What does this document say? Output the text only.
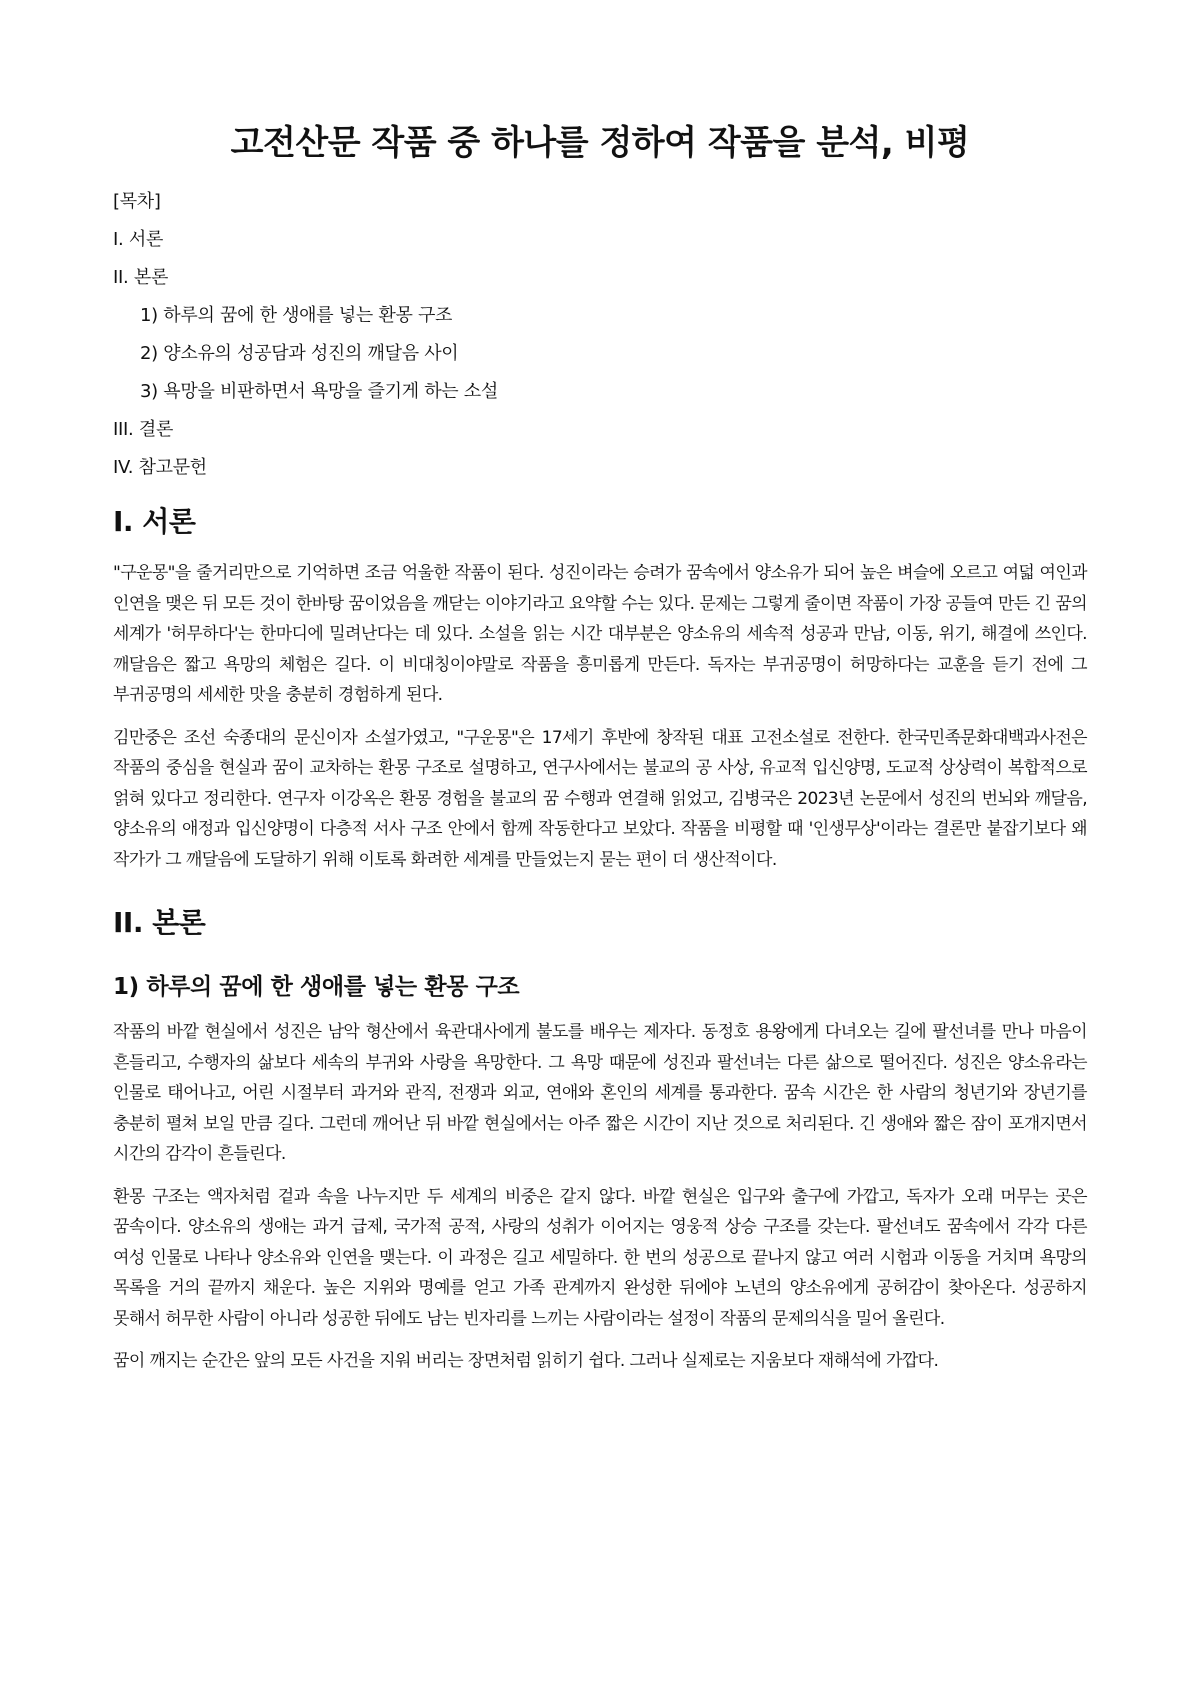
고전산문 작품 중 하나를 정하여 작품을 분석, 비평

[목차]

I. 서론

II. 본론

1) 하루의 꿈에 한 생애를 넣는 환몽 구조

2) 양소유의 성공담과 성진의 깨달음 사이

3) 욕망을 비판하면서 욕망을 즐기게 하는 소설

III. 결론

IV. 참고문헌

I. 서론

"구운몽"을 줄거리만으로 기억하면 조금 억울한 작품이 된다. 성진이라는 승려가 꿈속에서 양소유가 되어 높은 벼슬에 오르고 여덟 여인과 인연을 맺은 뒤 모든 것이 한바탕 꿈이었음을 깨닫는 이야기라고 요약할 수는 있다. 문제는 그렇게 줄이면 작품이 가장 공들여 만든 긴 꿈의 세계가 '허무하다'는 한마디에 밀려난다는 데 있다. 소설을 읽는 시간 대부분은 양소유의 세속적 성공과 만남, 이동, 위기, 해결에 쓰인다. 깨달음은 짧고 욕망의 체험은 길다. 이 비대칭이야말로 작품을 흥미롭게 만든다. 독자는 부귀공명이 허망하다는 교훈을 듣기 전에 그 부귀공명의 세세한 맛을 충분히 경험하게 된다.

김만중은 조선 숙종대의 문신이자 소설가였고, "구운몽"은 17세기 후반에 창작된 대표 고전소설로 전한다. 한국민족문화대백과사전은 작품의 중심을 현실과 꿈이 교차하는 환몽 구조로 설명하고, 연구사에서는 불교의 공 사상, 유교적 입신양명, 도교적 상상력이 복합적으로 얽혀 있다고 정리한다. 연구자 이강옥은 환몽 경험을 불교의 꿈 수행과 연결해 읽었고, 김병국은 2023년 논문에서 성진의 번뇌와 깨달음, 양소유의 애정과 입신양명이 다층적 서사 구조 안에서 함께 작동한다고 보았다. 작품을 비평할 때 '인생무상'이라는 결론만 붙잡기보다 왜 작가가 그 깨달음에 도달하기 위해 이토록 화려한 세계를 만들었는지 묻는 편이 더 생산적이다.

II. 본론
1) 하루의 꿈에 한 생애를 넣는 환몽 구조

작품의 바깥 현실에서 성진은 남악 형산에서 육관대사에게 불도를 배우는 제자다. 동정호 용왕에게 다녀오는 길에 팔선녀를 만나 마음이 흔들리고, 수행자의 삶보다 세속의 부귀와 사랑을 욕망한다. 그 욕망 때문에 성진과 팔선녀는 다른 삶으로 떨어진다. 성진은 양소유라는 인물로 태어나고, 어린 시절부터 과거와 관직, 전쟁과 외교, 연애와 혼인의 세계를 통과한다. 꿈속 시간은 한 사람의 청년기와 장년기를 충분히 펼쳐 보일 만큼 길다. 그런데 깨어난 뒤 바깥 현실에서는 아주 짧은 시간이 지난 것으로 처리된다. 긴 생애와 짧은 잠이 포개지면서 시간의 감각이 흔들린다.

환몽 구조는 액자처럼 겉과 속을 나누지만 두 세계의 비중은 같지 않다. 바깥 현실은 입구와 출구에 가깝고, 독자가 오래 머무는 곳은 꿈속이다. 양소유의 생애는 과거 급제, 국가적 공적, 사랑의 성취가 이어지는 영웅적 상승 구조를 갖는다. 팔선녀도 꿈속에서 각각 다른 여성 인물로 나타나 양소유와 인연을 맺는다. 이 과정은 길고 세밀하다. 한 번의 성공으로 끝나지 않고 여러 시험과 이동을 거치며 욕망의 목록을 거의 끝까지 채운다. 높은 지위와 명예를 얻고 가족 관계까지 완성한 뒤에야 노년의 양소유에게 공허감이 찾아온다. 성공하지 못해서 허무한 사람이 아니라 성공한 뒤에도 남는 빈자리를 느끼는 사람이라는 설정이 작품의 문제의식을 밀어 올린다.

꿈이 깨지는 순간은 앞의 모든 사건을 지워 버리는 장면처럼 읽히기 쉽다. 그러나 실제로는 지움보다 재해석에 가깝다.
